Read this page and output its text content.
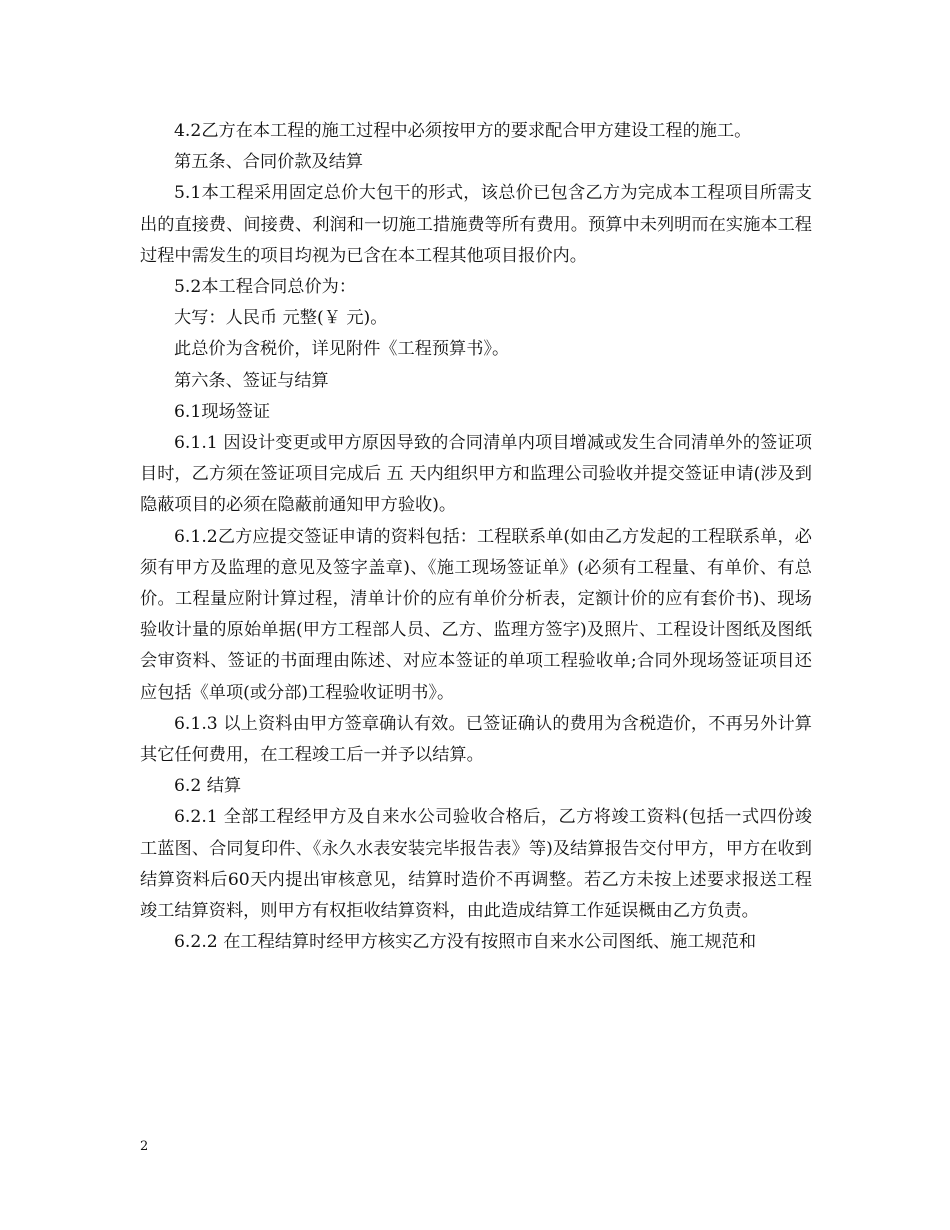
4.2乙方在本工程的施工过程中必须按甲方的要求配合甲方建设工程的施工。

第五条、合同价款及结算

5.1本工程采用固定总价大包干的形式，该总价已包含乙方为完成本工程项目所需支出的直接费、间接费、利润和一切施工措施费等所有费用。预算中未列明而在实施本工程过程中需发生的项目均视为已含在本工程其他项目报价内。

5.2本工程合同总价为：

大写：人民币 元整(￥ 元)。

此总价为含税价，详见附件《工程预算书》。

第六条、签证与结算

6.1现场签证

6.1.1 因设计变更或甲方原因导致的合同清单内项目增减或发生合同清单外的签证项目时，乙方须在签证项目完成后 五 天内组织甲方和监理公司验收并提交签证申请(涉及到隐蔽项目的必须在隐蔽前通知甲方验收)。

6.1.2乙方应提交签证申请的资料包括：工程联系单(如由乙方发起的工程联系单，必须有甲方及监理的意见及签字盖章)、《施工现场签证单》(必须有工程量、有单价、有总价。工程量应附计算过程，清单计价的应有单价分析表，定额计价的应有套价书)、现场验收计量的原始单据(甲方工程部人员、乙方、监理方签字)及照片、工程设计图纸及图纸会审资料、签证的书面理由陈述、对应本签证的单项工程验收单;合同外现场签证项目还应包括《单项(或分部)工程验收证明书》。

6.1.3 以上资料由甲方签章确认有效。已签证确认的费用为含税造价，不再另外计算其它任何费用，在工程竣工后一并予以结算。

6.2 结算

6.2.1 全部工程经甲方及自来水公司验收合格后，乙方将竣工资料(包括一式四份竣工蓝图、合同复印件、《永久水表安装完毕报告表》等)及结算报告交付甲方，甲方在收到结算资料后60天内提出审核意见，结算时造价不再调整。若乙方未按上述要求报送工程竣工结算资料，则甲方有权拒收结算资料，由此造成结算工作延误概由乙方负责。

6.2.2 在工程结算时经甲方核实乙方没有按照市自来水公司图纸、施工规范和

2
